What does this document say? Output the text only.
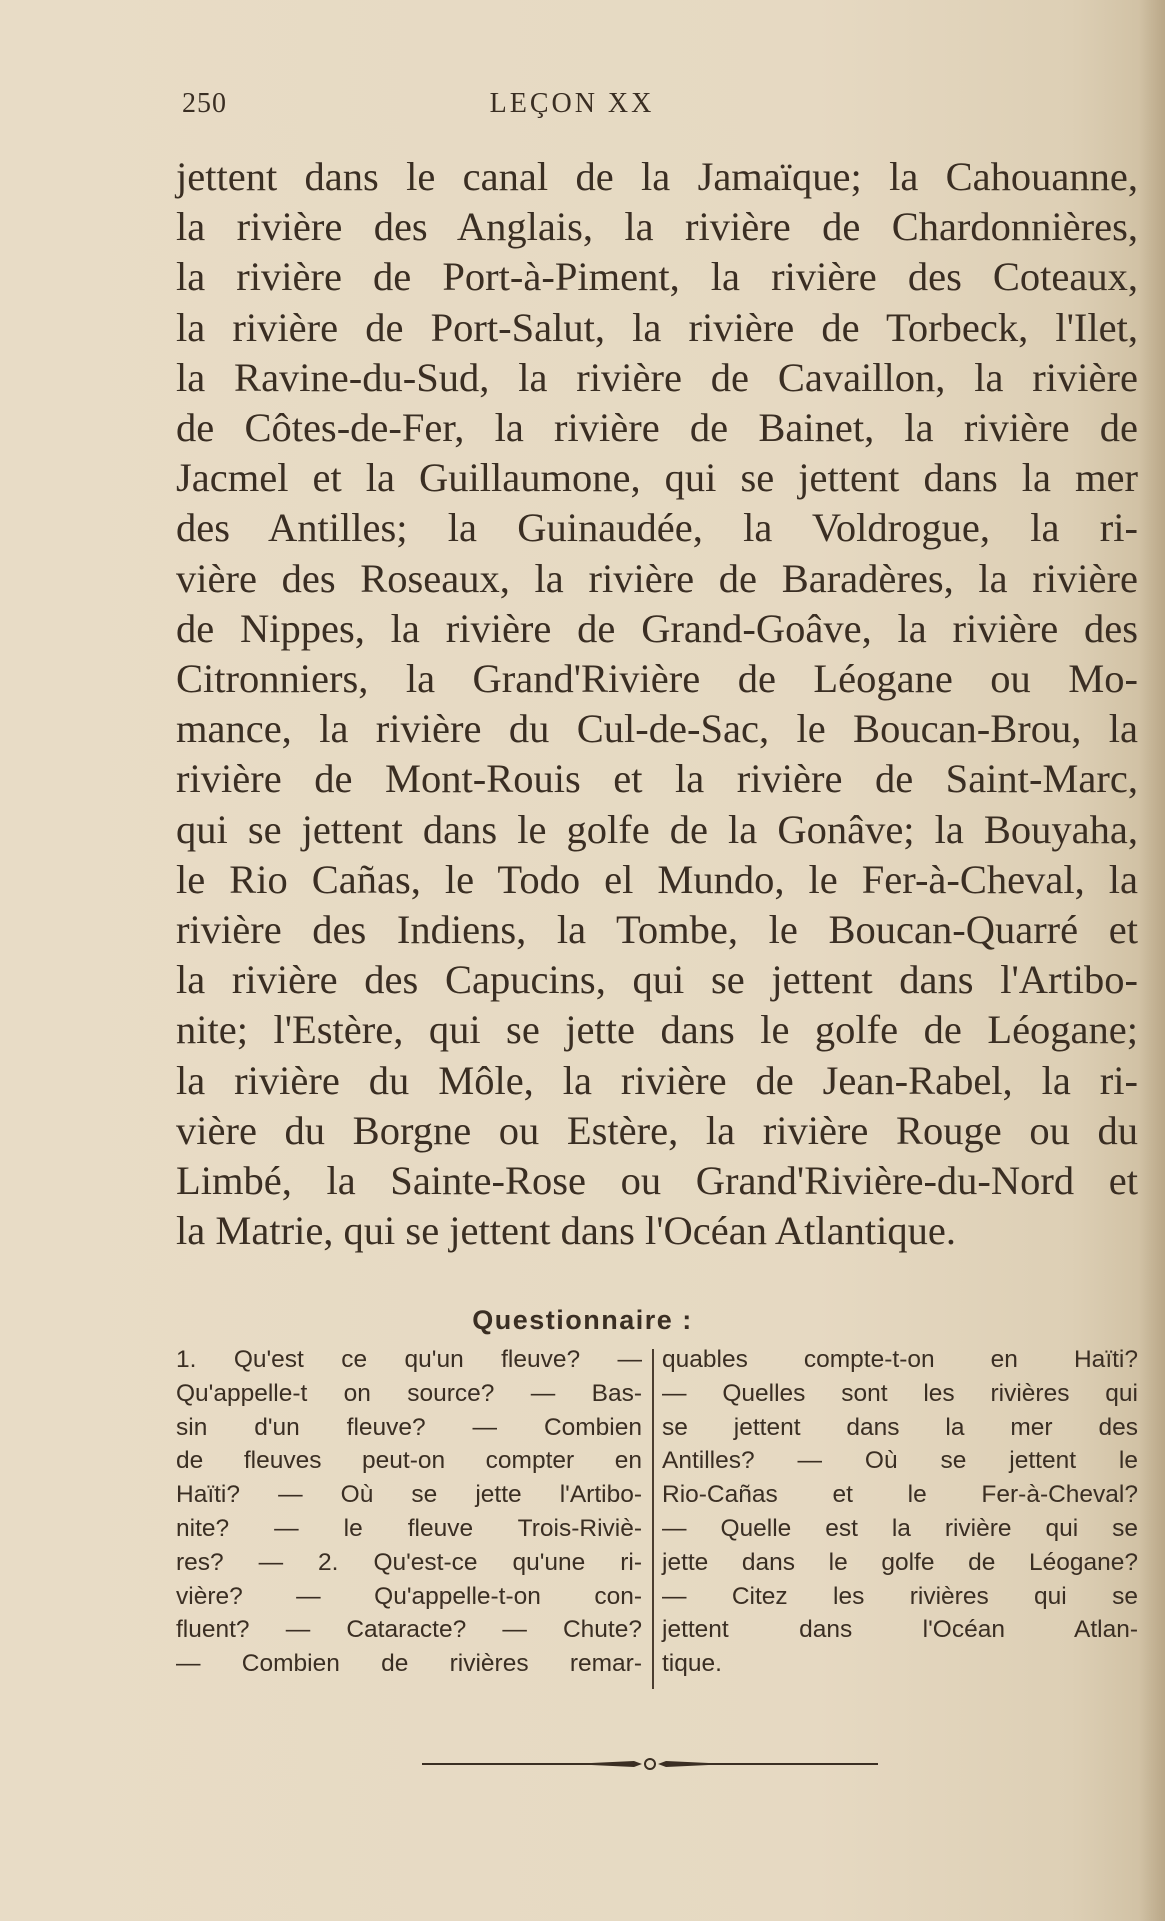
250	LEÇON XX
jettent dans le canal de la Jamaïque; la Cahouanne,
la rivière des Anglais, la rivière de Chardonnières,
la rivière de Port-à-Piment, la rivière des Coteaux,
la rivière de Port-Salut, la rivière de Torbeck, l'Ilet,
la Ravine-du-Sud, la rivière de Cavaillon, la rivière
de Côtes-de-Fer, la rivière de Bainet, la rivière de
Jacmel et la Guillaumone, qui se jettent dans la mer
des Antilles; la Guinaudée, la Voldrogue, la ri-
vière des Roseaux, la rivière de Baradères, la rivière
de Nippes, la rivière de Grand-Goâve, la rivière des
Citronniers, la Grand'Rivière de Léogane ou Mo-
mance, la rivière du Cul-de-Sac, le Boucan-Brou, la
rivière de Mont-Rouis et la rivière de Saint-Marc,
qui se jettent dans le golfe de la Gonâve; la Bouyaha,
le Rio Cañas, le Todo el Mundo, le Fer-à-Cheval, la
rivière des Indiens, la Tombe, le Boucan-Quarré et
la rivière des Capucins, qui se jettent dans l'Artibo-
nite; l'Estère, qui se jette dans le golfe de Léogane;
la rivière du Môle, la rivière de Jean-Rabel, la ri-
vière du Borgne ou Estère, la rivière Rouge ou du
Limbé, la Sainte-Rose ou Grand'Rivière-du-Nord et
la Matrie, qui se jettent dans l'Océan Atlantique.
Questionnaire :
1. Qu'est ce qu'un fleuve? —
Qu'appelle-t on source? — Bas-
sin d'un fleuve? — Combien
de fleuves peut-on compter en
Haïti? — Où se jette l'Artibo-
nite? — le fleuve Trois-Riviè-
res? — 2. Qu'est-ce qu'une ri-
vière? — Qu'appelle-t-on con-
fluent? — Cataracte? — Chute?
— Combien de rivières remar-
quables compte-t-on en Haïti?
— Quelles sont les rivières qui
se jettent dans la mer des
Antilles? — Où se jettent le
Rio-Cañas et le Fer-à-Cheval?
— Quelle est la rivière qui se
jette dans le golfe de Léogane?
— Citez les rivières qui se
jettent dans l'Océan Atlan-
tique.
